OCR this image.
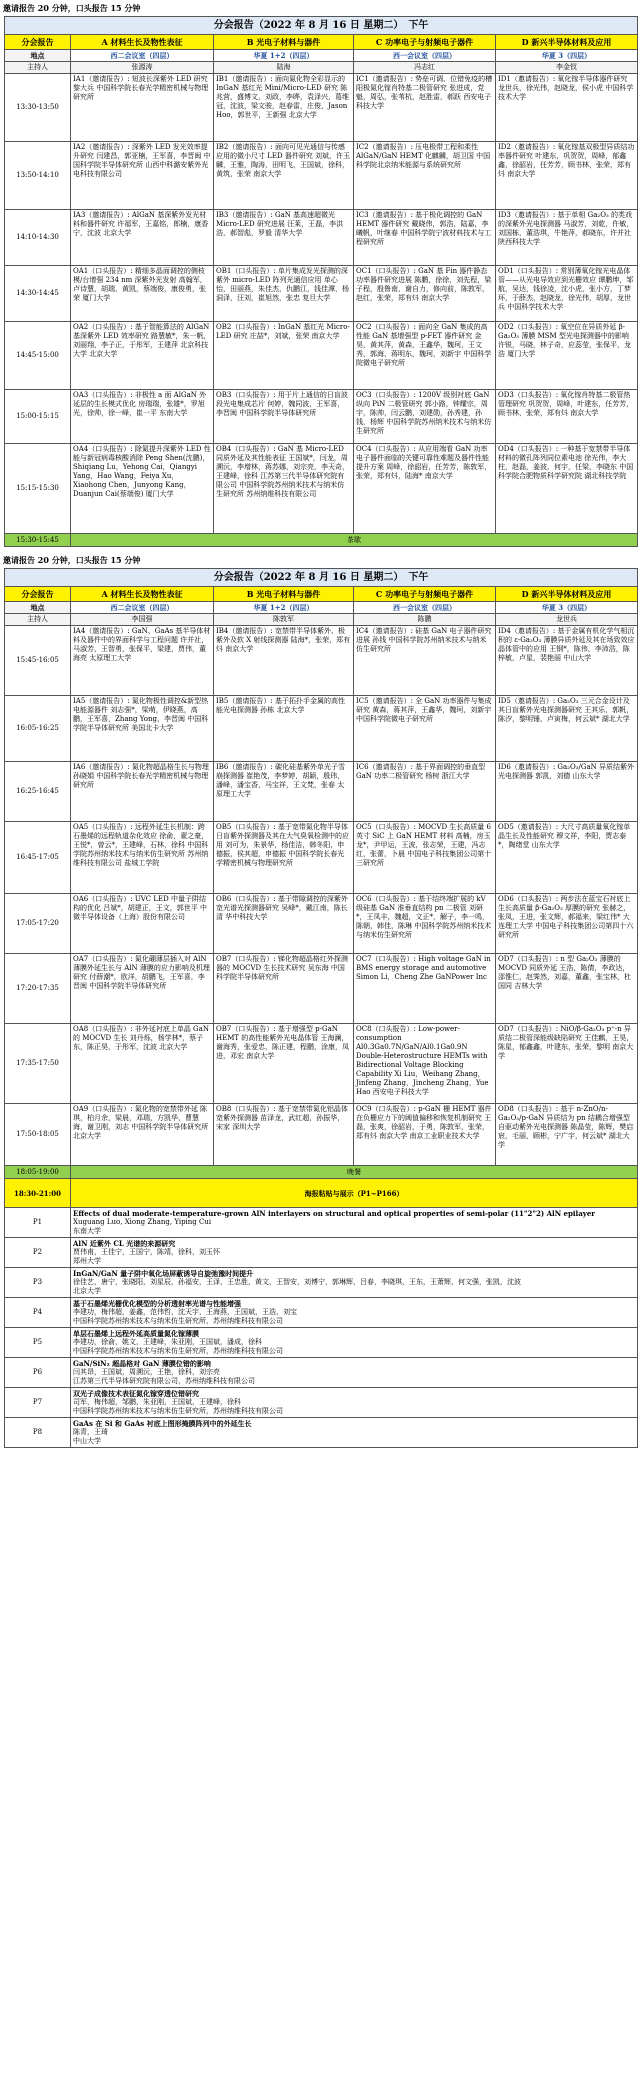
邀请报告 20 分钟，口头报告 15 分钟
分会报告（2022 年 8 月 16 日 星期二）　下午				
分会报告	A 材料生长及物性表征	B 光电子材料与器件	C 功率电子与射频电子器件	D 新兴半导体材料及应用
地点	西二会议室（四层）	华夏 1+2（四层）	西一会议室（四层）	华夏 3（四层）
主持人	张源涛	陆海	冯志红	李金钗
13:30-13:50	IA1（邀请报告）: 短波长深紫外 LED 研究 黎大兵 中国科学院长春光学精密机械与物理研究所	IB1（邀请报告）: 面向氮化物全彩显示的 InGaN 基红光 Mini/Micro-LED 研究 陈兆营，盛博文，刘政，李晔，袁泽兴，葛维冠，沈波，梁文骏，赵春雷，庄俊，Jason Hoo，郭世平，王新强 北京大学	IC1（邀请报告）: 势垒可调、位错免疫的槽阳极氮化镓肖特基二极管研究 张进成，党魁，周弘，张苇杭，赵胜雷，郝跃 西安电子科技大学	ID1（邀请报告）: 氧化镓半导体器件研究 龙世兵，徐光伟，赵晓龙，侯小虎 中国科学技术大学
13:50-14:10	IA2（邀请报告）: 深紫外 LED 发光效率提升研究 闫建昌，郭亚楠，王军喜，李晋闽 中国科学院半导体研究所 山西中科潞安紫外光电科技有限公司	IB2（邀请报告）: 面向可见光通信与传感应用的微小尺寸 LED 器件研究 刘斌，许玉麟，王雅，陶涛，田明飞，王国斌，徐科，黄筑，张荣 南京大学	IC2（邀请报告）: 压电极带工程和柔性 AlGaN/GaN HEMT 化麒麟，胡卫国 中国科学院北京纳米能源与系统研究所	ID2（邀请报告）: 氧化镓基双极型异质结功率器件研究 叶建东，巩贺贺，周峰，郁鑫鑫，徐韶岩，任芳芳，顾书林，张荣，郑有炓 南京大学
14:10-14:30	IA3（邀请报告）: AlGaN 基深紫外发光材料和器件研究 许福军，王嘉铭，郎楠，康香宁，沈波 北京大学	IB3（邀请报告）: GaN 基高速超微光 Micro-LED 研究进展 汪莱，王磊，李洪浩，郝智彪，罗毅 清华大学	IC3（邀请报告）: 基于极化调控的 GaN HEMT 器件研究 戴晓伟，郭浩，陆嘉，李曦帆，叶继春 中国科学院宁波材料技术与工程研究所	ID3（邀请报告）: 基于单相 Ga₂O₃ 的类戏的深紫外光电探测器 马淑芳，刘乾，仵敏，刘国栋，董浩琪，牛艳萍，郝晓东，许并社 陕西科技大学
14:30-14:45	OA1（口头报告）: 精细多晶面调控的侧枝模/台增强 234 nm 深紫外光发射 高翰军，卢诗慧，胡瑞，黄凯，蔡端俊，康俊勇，张荣 厦门大学	OB1（口头报告）: 单片集成发光探测的深紫外 micro-LED 阵列光通信应用 单心怡，田丽燕，朱佳杰，仇鹏江，钱佳潭，杨洞泽，汪刘，崔旭然，张忠 复旦大学	OC1（口头报告）: GaN 基 Fin 器件静态功率器件研究进展 陈鹏，徐徐，刘先程，梁子程，殷鲁南，谢自力，修向前，陈敦军，赵红，张荣，郑有炓 南京大学	OD1（口头报告）: 常别薄氧化镓光电晶体管——从光电导效应到光栅效应 谭鹏坤，邹航，吴达，钱徐凌，沈小虎，张小方，丁梦环，于薛杰，赵晓龙，徐光伟，胡厚，龙世兵 中国科学技术大学
14:45-15:00	OA2（口头报告）: 基于智能算法的 AlGaN 基深紫外 LED 效率研究 路慧敏*，朱一帆，刘丽翔，李子正，于彤军，王建萍 北京科技大学 北京大学	OB2（口头报告）: InGaN 基红光 Micro-LED 研究 庄喆*，刘斌，张荣 南京大学	OC2（口头报告）: 面向全 GaN 集成的高性能 GaN 基增强型 p-FET 器件研究 金昊，黄其萍，黄森，王鑫华，魏珂，王文秀，郭海，蒋明东，魏珂，刘新宇 中国科学院微电子研究所	OD2（口头报告）: 氧空位在异质外延 β-Ga₂O₃ 薄膜 MSM 型光电探测器中的影响 许锐，马晓，林子奇，应蕊莹，张保平，龙浩 厦门大学
15:00-15:15	OA3（口头报告）: 非极性 a 面 AlGaN 外延层的生长模式优化 房瑞瑞，张雄*，罗旭光，徐帅，徐一峰，崔一平 东南大学	OB3（口头报告）: 用于片上通信的日盲波段光电集成芯片 何婷，魏同波，王军喜，李晋闽 中国科学院半导体研究所	OC3（口头报告）: 1200V 级别衬底 GaN 纵向 PiN 二极管研究 郭小路，钟耀宗，周宇，陈帅，闫云鹏，刘建勋，孙秀建，孙钱，杨辉 中国科学院苏州纳米技术与纳米仿生研究所	OD3（口头报告）: 氧化镓肖特基二极管热管理研究 巩贺贺，周峰，叶建东，任芳芳，顾书林，张荣，郑有炓 南京大学
15:15-15:30	OA4（口头报告）: 除氮提升深紫外 LED 性能与新冠病毒核酸消除 Peng Shen(沈鹏)，Shiqiang Lu，Yehong Cai，Qiangyi Yang，Hao Wang，Feiya Xu，Xiaohong Chen，Junyong Kang，Duanjun Cai(蔡端俊) 厦门大学	OB4（口头报告）: GaN 基 Micro-LED 同质外延及其性能表征 王国斌*，闫龙，周溯沅，李增林，蒋苏娜，刘宗亮，李天奇，王建峰，徐科 江苏第三代半导体研究院有限公司 中国科学院苏州纳米技术与纳米仿生研究所 苏州纳维科技有限公司	OC4（口头报告）: 从应用端看 GaN 功率电子器件面临的关键可靠性难题及器件性能提升方案 周峰，徐韶岩，任芳芳，陈敦军，张荣，郑有炓，陆海* 南京大学	OD4（口头报告）: 一种基于宽禁带半导体材料的微孔阵列同位素电池 徐光伟，李大柱，赵磊，姜波，何宇，任梁，李晓东 中国科学院合肥物质科学研究院 湖北科技学院
15:30-15:45	茶歇			
邀请报告 20 分钟，口头报告 15 分钟
分会报告（2022 年 8 月 16 日 星期二）　下午				
分会报告	A 材料生长及物性表征	B 光电子材料与器件	C 功率电子与射频电子器件	D 新兴半导体材料及应用
地点	西二会议室（四层）	华夏 1+2（四层）	西一会议室（四层）	华夏 3（四层）
主持人	李国强	陈敦军	陈鹏	龙世兵
15:45-16:05	IA4（邀请报告）: GaN、GaAs 基半导体材料及器件中的界面科学与工程问题 许并社，马淑芳，王智勇，张保平，梁建，贾伟，董海亮 太原理工大学	IB4（邀请报告）: 宽禁带半导体紫外、极紫外及软 X 射线探测器 陆海*，张荣，郑有炓 南京大学	IC4（邀请报告）: 硅基 GaN 电子器件研究进展 孙钱 中国科学院苏州纳米技术与纳米仿生研究所	ID4（邀请报告）: 基于金属有机化学气相沉积的 ε-Ga₂O₃ 薄膜异质外延及其在场致效应晶体管中的应用 王钢*，陈伟，李沛浩，陈梓敏，卢星，裴艳丽 中山大学
16:05-16:25	IA5（邀请报告）: 氮化物极性调控&新型热电能源器件 刘志强*，梁萌，伊晓燕，高鹏，王军喜，Zhang Yong，李晋闽 中国科学院半导体研究所 美国北卡大学	IB5（邀请报告）: 基于拓扑手金属的高性能光电探测器 孙栋 北京大学	IC5（邀请报告）: 全 GaN 功率器件与集成研究 黄森，蒋其萍，王鑫华，魏珂，刘新宇 中国科学院微电子研究所	ID5（邀请报告）: Ga₂O₃ 三元合金设计及其日盲紫外光电探测器研究 王其乐，郭帆，陈汐，黎明锤，卢寅梅，何云斌* 湖北大学
16:25-16:45	IA6（邀请报告）: 氮化物超晶格生长与物理 孙晓娟 中国科学院长春光学精密机械与物理研究所	IB6（邀请报告）: 碳化硅基紫外单光子雪崩探测器 崔艳茂，李梦婷，胡颖，殷玮，潘峰，潘宝香，马宝祥，王文梵，张春 太原理工大学	IC6（邀请报告）: 基于界面调控的垂直型 GaN 功率二极管研究 杨树 浙江大学	ID6（邀请报告）: Ga₂O₃/GaN 异质结紫外光电探测器 郭凯，刘德 山东大学
16:45-17:05	OA5（口头报告）: 远程外延生长机制：跨石墨烯的远程轨道杂化效应 徐俞，翟之豪，王悦*，曾云*，王建峰，石林，徐科 中国科学院苏州纳米技术与纳米仿生研究所 苏州纳维科技有限公司 盐城工学院	OB5（口头报告）: 基于宽带氮化物半导体日盲紫外探测器及其在大气臭氧检测中的应用 刘可为，朱景华，杨佳洁，韩冬阳，申德振，侯其超，申德振 中国科学院长春光学精密机械与物理研究所	OC5（口头报告）: MOCVD 生长高质量 6 英寸 SiC 上 GaN HEMT 材料 高楠，房玉龙*，尹甲运，王波，张志荣，王建，冯志红，张蕾，卜晨 中国电子科技集团公司第十三研究所	OD5（邀请报告）: 大尺寸高质量氧化镓单晶生长及性能研究 穆文祥，李阳，贾志泰*，陶绪堂 山东大学
17:05-17:20	OA6（口头报告）: UVC LED 中量子阱结构的优化 吕斌*，胡建正，王文，郭世平 中微半导体设备（上海）股份有限公司	OB6（口头报告）: 基于带隙调控的深紫外宽光谱光探测器研究 吴峰*，戴江南，陈长清 华中科技大学	OC6（口头报告）: 基于结终端扩展的 kV 级硅基 GaN 准垂直结构 pn 二极管 刘研*，王凤丰，魏超，文正*，解子，李一鸣，陈朝，韩佳，陈琳 中国科学院苏州纳米技术与纳米仿生研究所	OD6（口头报告）: 两步法在蓝宝石衬底上生长高质量 β-Ga₂O₃ 厚膜的研究 张赫之，张凤，王进，张文辉，郝福来，梁红伟* 大连理工大学 中国电子科技集团公司第四十六研究所
17:20-17:35	OA7（口头报告）: 氮化硼薄层插入对 AlN 薄膜外延生长与 AlN 薄膜的应力影响及机理研究 付薛潮*，欧洋，胡鹏飞，王军喜，李晋闽 中国科学院半导体研究所	OB7（口头报告）: 锑化物超晶格红外探测器的 MOCVD 生长技术研究 吴东海 中国科学院半导体研究所	OC7（口头报告）: High voltage GaN in BMS energy storage and automotive Simon Li，Cheng Zhe GaNPower Inc	OD7（口头报告）: n 型 Ga₂O₃ 薄膜的 MOCVD 同质外延 王浩，陈倩，李政达，邵惟仁，赵霁然，刘嘉，董鑫，张宝林，杜国同 吉林大学
17:35-17:50	OA8（口头报告）: 非外延衬底上单晶 GaN 的 MOCVD 生长 刘丹烁，杨学林*，蔡子东，陈正昊，于彤军，沈波 北京大学	OB7（口头报告）: 基于增强型 p-GaN HEMT 的高性能紫外光电晶体管 王海澜，谢海秀，张爱忠，陈正建，程鹏，涂康，凤进，邓宏 南京大学	OC8（口头报告）: Low-power-consumption Al0.3Ga0.7N/GaN/Al0.1Ga0.9N Double-Heterostructure HEMTs with Bidirectional Voltage Blocking Capability Xi Liu，Weihang Zhang，Jinfeng Zhang，Jincheng Zhang，Yue Hao 西安电子科技大学	OD7（口头报告）: NiO/β-Ga₂O₃ p⁺-n 异质结二极管深能级缺陷研究 王佳麒，王昊，陈星，郁鑫鑫，叶建东，张荣，黎明 南京大学
17:50-18:05	OA9（口头报告）: 氮化物的宽禁带外延 陈琪，柏月余，梁晨，邓瑞，方凯华，曹慧海，谢卫刚，刘志 中国科学院半导体研究所 北京大学	OB8（口头报告）: 基于宽禁带氮化铝晶体宽紫外探测器 苗泽龙，武红超，孙振华，宋家 深圳大学	OC9（口头报告）: p-GaN 栅 HEMT 器件在负栅应力下的阈值偏移和恢复机制研究 王磊，张爽，徐韶岩，于勇，陈敦军，张荣，郑有炓 南京大学 南京工业职业技术大学	OD8（口头报告）: 基于 n-ZnO/n-Ga₂O₃/p-GaN 异质结为 pn 结耦合增强型自驱动紫外光电探测器 陈晶莹，陈辉，樊启宸，毛丽，顾彬，宁广宇，何云斌* 湖北大学
18:05-19:00	晚餐			
18:30-21:00	海报粘贴与展示（P1~P166）			
P1	Effects of dual moderate-temperature-grown AlN interlayers on structural and optical properties of semi-polar (11"2"2) AlN epilayer
Xuguang Luo, Xiong Zhang, Yiping Cui
东南大学			

P2	AlN 近紫外 CL 光谱的来源研究
贾伟甫，王佳宁，王国宁，陈靖，徐科，刘玉怀
郑州大学			

P3	InGaN/GaN 量子阱中氧化场屏蔽诱导自旋弛豫时间提升
徐佳艺，唐宁，张晓阳，刘星辰，孙福安，王泽，王忠胜，黄文，王智安，刘博宁，郭琳辉，吕春，李晓琪，王东，王萧辉，何文强，张凯，沈波
北京大学			

P4	基于石墨烯光栅优化模型的分析透射率光谱与性能增强
李建功，梅伟超，姜鑫，范伟哲，沈天宇，王海燕，王国斌，王浩，刘宝
中国科学院苏州纳米技术与纳米仿生研究所，苏州纳维科技有限公司			

P5	单层石墨烯上远程外延高质量氮化镓薄膜
李建功，徐俞，姚文，王建峰，朱亚刚，王国斌，潘成，徐科
中国科学院苏州纳米技术与纳米仿生研究所，苏州纳维科技有限公司			

P6	GaN/SiN₂ 超晶格对 GaN 薄膜位错的影响
闫其昂，王国斌，周溯沅，王艳，徐科，刘宗亮
江苏第三代半导体研究院有限公司，苏州纳维科技有限公司			

P7	双光子成像技术表征氮化镓穿透位错研究
司军，梅伟超，邹鹏，朱亚刚，王国斌，王建峰，徐科
中国科学院苏州纳米技术与纳米仿生研究所，苏州纳维科技有限公司			

P8	GaAs 在 Si 和 GaAs 衬底上图形掩膜阵列中的外延生长
陈青，王琦
中山大学			
